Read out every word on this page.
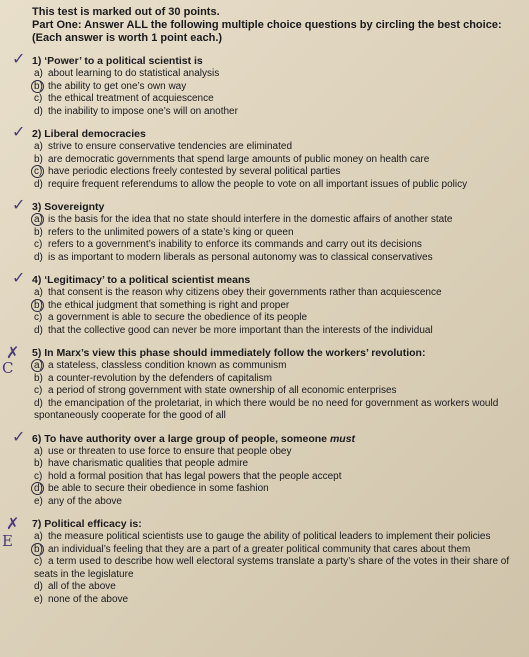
This test is marked out of 30 points.
Part One: Answer ALL the following multiple choice questions by circling the best choice:
(Each answer is worth 1 point each.)
✓ 1) ‘Power’ to a political scientist is
a) about learning to do statistical analysis
b) the ability to get one’s own way
c) the ethical treatment of acquiescence
d) the inability to impose one’s will on another
✓ 2) Liberal democracies
a) strive to ensure conservative tendencies are eliminated
b) are democratic governments that spend large amounts of public money on health care
c) have periodic elections freely contested by several political parties
d) require frequent referendums to allow the people to vote on all important issues of public policy
✓ 3) Sovereignty
a) is the basis for the idea that no state should interfere in the domestic affairs of another state
b) refers to the unlimited powers of a state’s king or queen
c) refers to a government’s inability to enforce its commands and carry out its decisions
d) is as important to modern liberals as personal autonomy was to classical conservatives
✓ 4) ‘Legitimacy’ to a political scientist means
a) that consent is the reason why citizens obey their governments rather than acquiescence
b) the ethical judgment that something is right and proper
c) a government is able to secure the obedience of its people
d) that the collective good can never be more important than the interests of the individual
✗
C
5) In Marx’s view this phase should immediately follow the workers’ revolution:
a) a stateless, classless condition known as communism
b) a counter-revolution by the defenders of capitalism
c) a period of strong government with state ownership of all economic enterprises
d) the emancipation of the proletariat, in which there would be no need for government as workers would spontaneously cooperate for the good of all
✓ 6) To have authority over a large group of people, someone must
a) use or threaten to use force to ensure that people obey
b) have charismatic qualities that people admire
c) hold a formal position that has legal powers that the people accept
d) be able to secure their obedience in some fashion
e) any of the above
✗
E
7) Political efficacy is:
a) the measure political scientists use to gauge the ability of political leaders to implement their policies
b) an individual’s feeling that they are a part of a greater political community that cares about them
c) a term used to describe how well electoral systems translate a party’s share of the votes in their share of seats in the legislature
d) all of the above
e) none of the above
